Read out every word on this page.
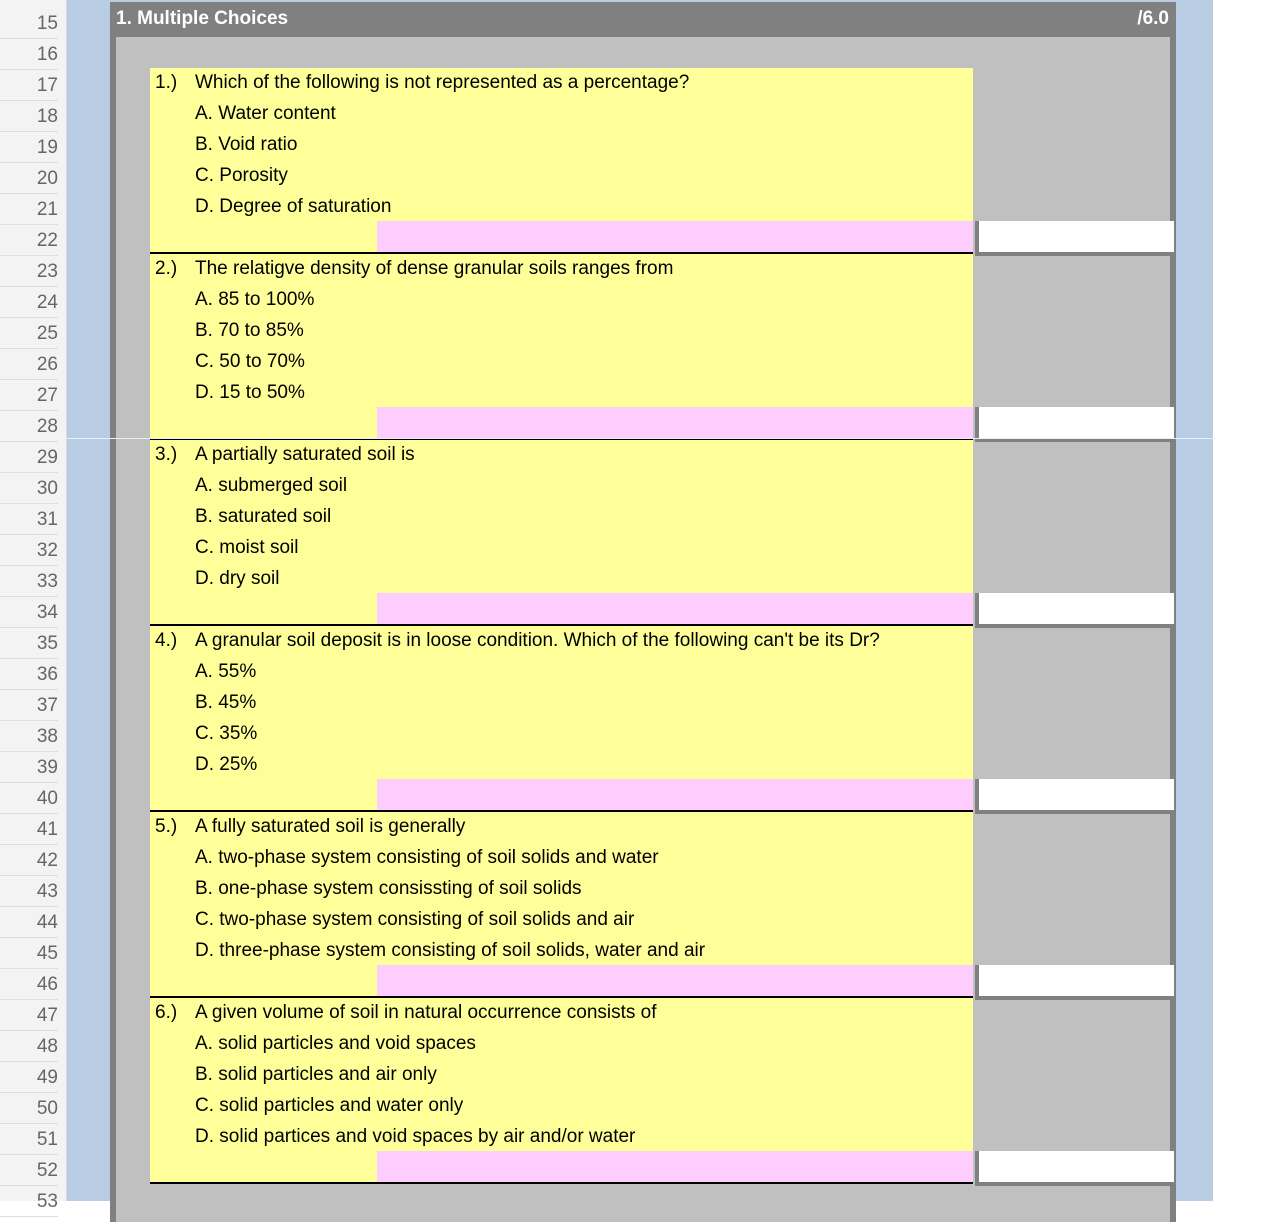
15
16
17
18
19
20
21
22
23
24
25
26
27
28
29
30
31
32
33
34
35
36
37
38
39
40
41
42
43
44
45
46
47
48
49
50
51
52
53
1. Multiple Choices	/6.0
1.) Which of the following is not represented as a percentage?
A. Water content
B. Void ratio
C. Porosity
D. Degree of saturation
2.) The relatigve density of dense granular soils ranges from
A. 85 to 100%
B. 70 to 85%
C. 50 to 70%
D. 15 to 50%
3.) A partially saturated soil is
A. submerged soil
B. saturated soil
C. moist soil
D. dry soil
4.) A granular soil deposit is in loose condition. Which of the following can't be its Dr?
A. 55%
B. 45%
C. 35%
D. 25%
5.) A fully saturated soil is generally
A. two-phase system consisting of soil solids and water
B. one-phase system consissting of soil solids
C. two-phase system consisting of soil solids and air
D. three-phase system consisting of soil solids, water and air
6.) A given volume of soil in natural occurrence consists of
A. solid particles and void spaces
B. solid particles and air only
C. solid particles and water only
D. solid partices and void spaces by air and/or water
